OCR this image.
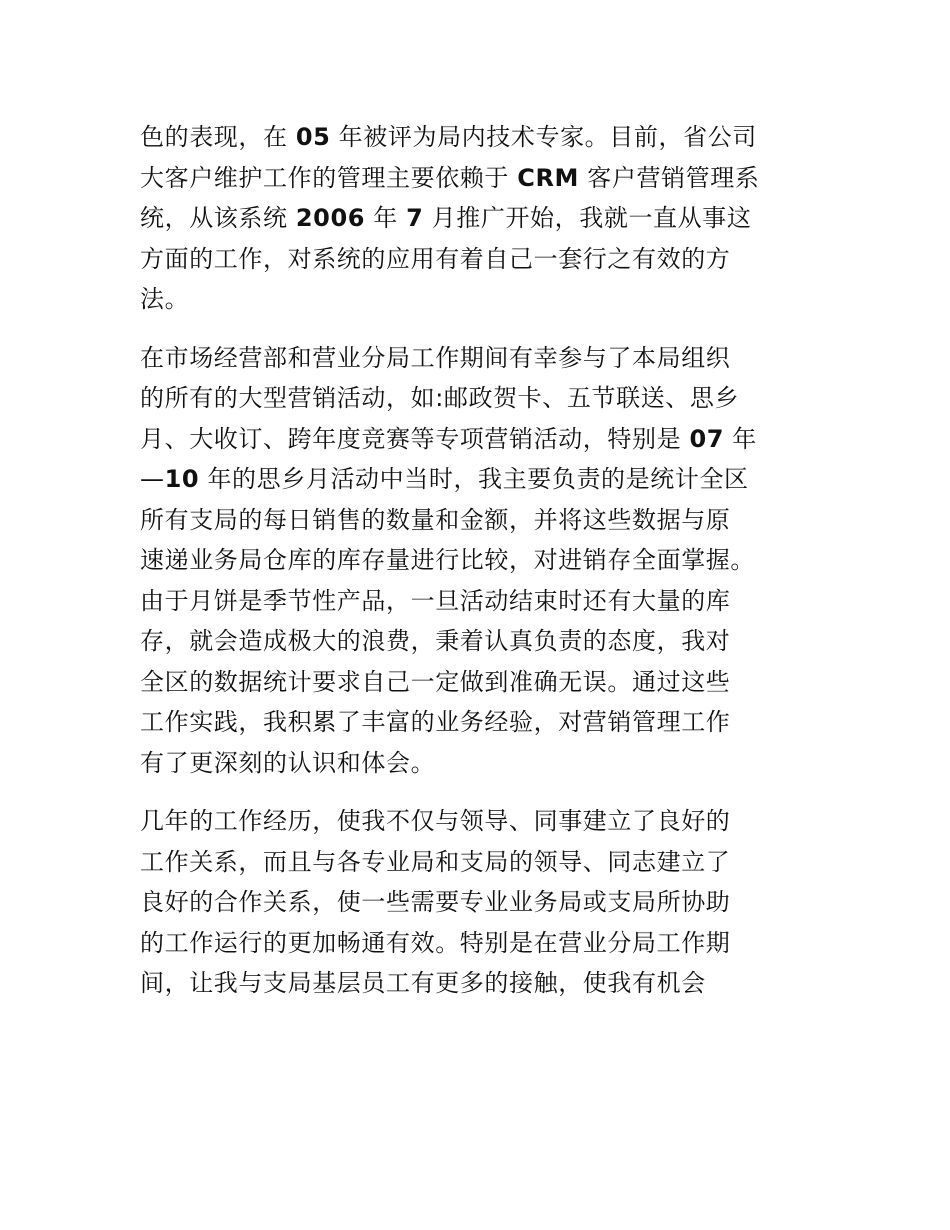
色的表现，在 05 年被评为局内技术专家。目前，省公司
大客户维护工作的管理主要依赖于 CRM 客户营销管理系
统，从该系统 2006 年 7 月推广开始，我就一直从事这
方面的工作，对系统的应用有着自己一套行之有效的方
法。

在市场经营部和营业分局工作期间有幸参与了本局组织
的所有的大型营销活动，如:邮政贺卡、五节联送、思乡
月、大收订、跨年度竞赛等专项营销活动，特别是 07 年
—10 年的思乡月活动中当时，我主要负责的是统计全区
所有支局的每日销售的数量和金额，并将这些数据与原
速递业务局仓库的库存量进行比较，对进销存全面掌握。
由于月饼是季节性产品，一旦活动结束时还有大量的库
存，就会造成极大的浪费，秉着认真负责的态度，我对
全区的数据统计要求自己一定做到准确无误。通过这些
工作实践，我积累了丰富的业务经验，对营销管理工作
有了更深刻的认识和体会。

几年的工作经历，使我不仅与领导、同事建立了良好的
工作关系，而且与各专业局和支局的领导、同志建立了
良好的合作关系，使一些需要专业业务局或支局所协助
的工作运行的更加畅通有效。特别是在营业分局工作期
间，让我与支局基层员工有更多的接触，使我有机会
